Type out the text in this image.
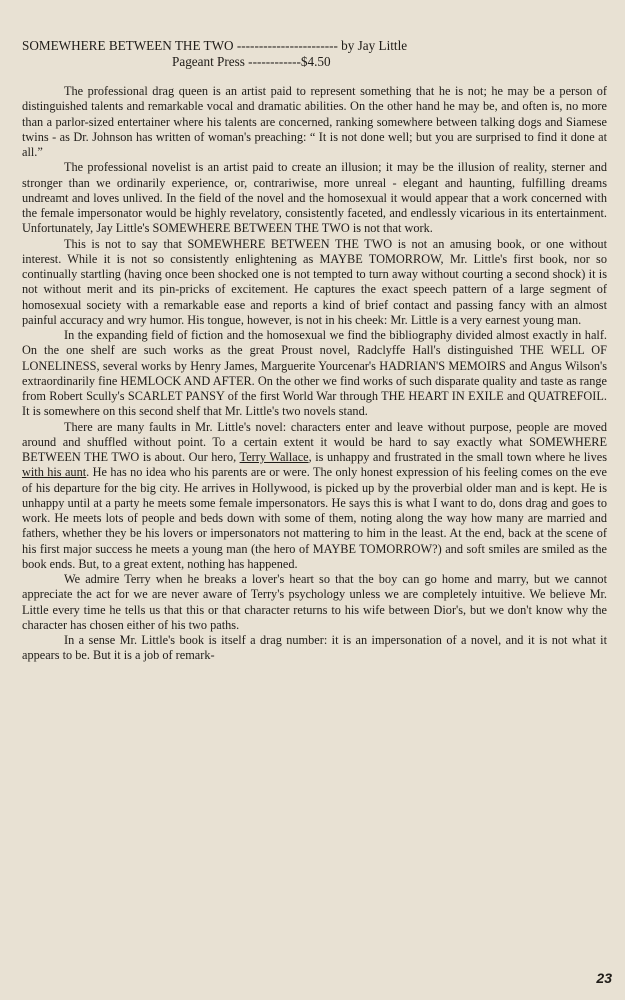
SOMEWHERE BETWEEN THE TWO ----------------------- by Jay Little
Pageant Press ------------$4.50

The professional drag queen is an artist paid to represent something that he is not; he may be a person of distinguished talents and remarkable vocal and dramatic abilities. On the other hand he may be, and often is, no more than a parlor-sized entertainer where his talents are concerned, ranking somewhere between talking dogs and Siamese twins - as Dr. Johnson has written of woman's preaching: “ It is not done well; but you are surprised to find it done at all.”

The professional novelist is an artist paid to create an illusion; it may be the illusion of reality, sterner and stronger than we ordinarily experience, or, contrariwise, more unreal - elegant and haunting, fulfilling dreams undreamt and loves unlived. In the field of the novel and the homosexual it would appear that a work concerned with the female impersonator would be highly revelatory, consistently faceted, and endlessly vicarious in its entertainment. Unfortunately, Jay Little's SOMEWHERE BETWEEN THE TWO is not that work.

This is not to say that SOMEWHERE BETWEEN THE TWO is not an amusing book, or one without interest. While it is not so consistently enlightening as MAYBE TOMORROW, Mr. Little's first book, nor so continually startling (having once been shocked one is not tempted to turn away without courting a second shock) it is not without merit and its pin-pricks of excitement. He captures the exact speech pattern of a large segment of homosexual society with a remarkable ease and reports a kind of brief contact and passing fancy with an almost painful accuracy and wry humor. His tongue, however, is not in his cheek: Mr. Little is a very earnest young man.

In the expanding field of fiction and the homosexual we find the bibliography divided almost exactly in half. On the one shelf are such works as the great Proust novel, Radclyffe Hall's distinguished THE WELL OF LONELINESS, several works by Henry James, Marguerite Yourcenar's HADRIAN'S MEMOIRS and Angus Wilson's extraordinarily fine HEMLOCK AND AFTER. On the other we find works of such disparate quality and taste as range from Robert Scully's SCARLET PANSY of the first World War through THE HEART IN EXILE and QUATREFOIL. It is somewhere on this second shelf that Mr. Little's two novels stand.

There are many faults in Mr. Little's novel: characters enter and leave without purpose, people are moved around and shuffled without point. To a certain extent it would be hard to say exactly what SOMEWHERE BETWEEN THE TWO is about. Our hero, Terry Wallace, is unhappy and frustrated in the small town where he lives with his aunt. He has no idea who his parents are or were. The only honest expression of his feeling comes on the eve of his departure for the big city. He arrives in Hollywood, is picked up by the proverbial older man and is kept. He is unhappy until at a party he meets some female impersonators. He says this is what I want to do, dons drag and goes to work. He meets lots of people and beds down with some of them, noting along the way how many are married and fathers, whether they be his lovers or impersonators not mattering to him in the least. At the end, back at the scene of his first major success he meets a young man (the hero of MAYBE TOMORROW?) and soft smiles are smiled as the book ends. But, to a great extent, nothing has happened.

We admire Terry when he breaks a lover's heart so that the boy can go home and marry, but we cannot appreciate the act for we are never aware of Terry's psychology unless we are completely intuitive. We believe Mr. Little every time he tells us that this or that character returns to his wife between Dior's, but we don't know why the character has chosen either of his two paths.

In a sense Mr. Little's book is itself a drag number: it is an impersonation of a novel, and it is not what it appears to be. But it is a job of remark-

23
